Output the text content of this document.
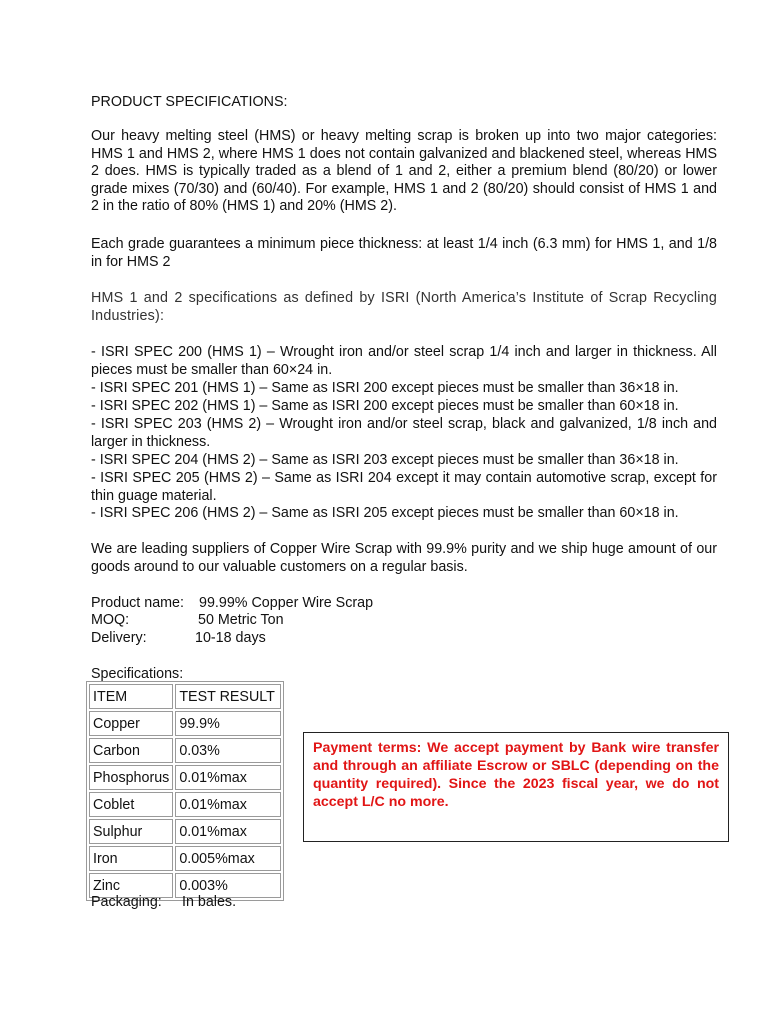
PRODUCT SPECIFICATIONS:

Our heavy melting steel (HMS) or heavy melting scrap is broken up into two major categories: HMS 1 and HMS 2, where HMS 1 does not contain galvanized and blackened steel, whereas HMS 2 does. HMS is typically traded as a blend of 1 and 2, either a premium blend (80/20) or lower grade mixes (70/30) and (60/40). For example, HMS 1 and 2 (80/20) should consist of HMS 1 and 2 in the ratio of 80% (HMS 1) and 20% (HMS 2).

Each grade guarantees a minimum piece thickness: at least 1/4 inch (6.3 mm) for HMS 1, and 1/8 in for HMS 2

HMS 1 and 2 specifications as defined by ISRI (North America’s Institute of Scrap Recycling Industries):

- ISRI SPEC 200 (HMS 1) – Wrought iron and/or steel scrap 1/4 inch and larger in thickness. All pieces must be smaller than 60×24 in.

- ISRI SPEC 201 (HMS 1) – Same as ISRI 200 except pieces must be smaller than 36×18 in.

- ISRI SPEC 202 (HMS 1) – Same as ISRI 200 except pieces must be smaller than 60×18 in.

- ISRI SPEC 203 (HMS 2) – Wrought iron and/or steel scrap, black and galvanized, 1/8 inch and larger in thickness.

- ISRI SPEC 204 (HMS 2) – Same as ISRI 203 except pieces must be smaller than 36×18 in.

- ISRI SPEC 205 (HMS 2) – Same as ISRI 204 except it may contain automotive scrap, except for thin guage material.

- ISRI SPEC 206 (HMS 2) – Same as ISRI 205 except pieces must be smaller than 60×18 in.

We are leading suppliers of Copper Wire Scrap with 99.9% purity and we ship huge amount of our goods around to our valuable customers on a regular basis.

Product name: 99.99% Copper Wire Scrap
MOQ:	50 Metric Ton
Delivery:	10-18 days

Specifications:

ITEM	TEST RESULT
Copper	99.9%
Carbon	0.03%
Phosphorus	0.01%max
Coblet	0.01%max
Sulphur	0.01%max
Iron	0.005%max
Zinc	0.003%

Payment terms: We accept payment by Bank wire transfer and through an affiliate Escrow or SBLC (depending on the quantity required). Since the 2023 fiscal year, we do not accept L/C no more.

Packaging: In bales.
